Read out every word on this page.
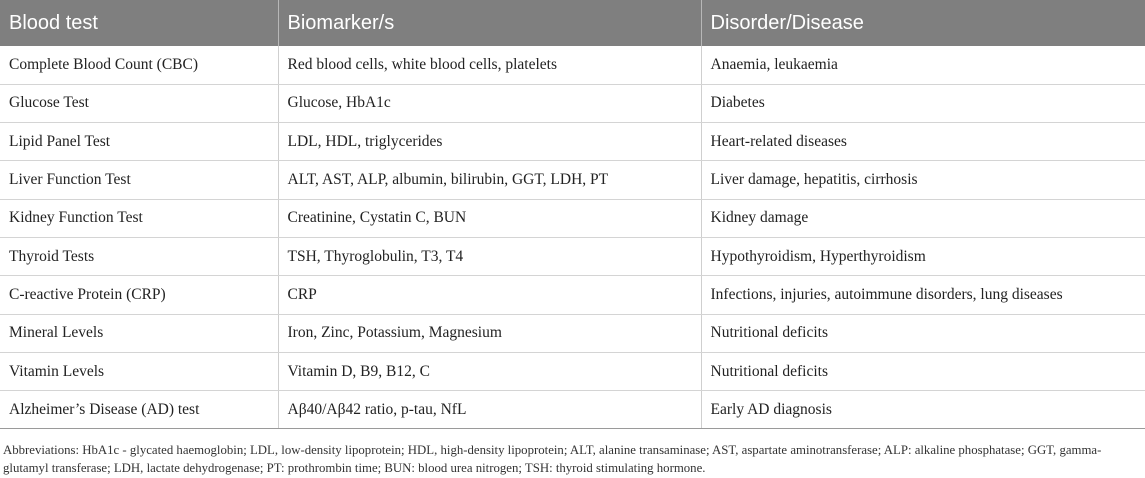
Blood test	Biomarker/s	Disorder/Disease
Complete Blood Count (CBC)	Red blood cells, white blood cells, platelets	Anaemia, leukaemia
Glucose Test	Glucose, HbA1c	Diabetes
Lipid Panel Test	LDL, HDL, triglycerides	Heart-related diseases
Liver Function Test	ALT, AST, ALP, albumin, bilirubin, GGT, LDH, PT	Liver damage, hepatitis, cirrhosis
Kidney Function Test	Creatinine, Cystatin C, BUN	Kidney damage
Thyroid Tests	TSH, Thyroglobulin, T3, T4	Hypothyroidism, Hyperthyroidism
C-reactive Protein (CRP)	CRP	Infections, injuries, autoimmune disorders, lung diseases
Mineral Levels	Iron, Zinc, Potassium, Magnesium	Nutritional deficits
Vitamin Levels	Vitamin D, B9, B12, C	Nutritional deficits
Alzheimer’s Disease (AD) test	Aβ40/Aβ42 ratio, p-tau, NfL	Early AD diagnosis
Abbreviations: HbA1c - glycated haemoglobin; LDL, low-density lipoprotein; HDL, high-density lipoprotein; ALT, alanine transaminase; AST, aspartate aminotransferase; ALP: alkaline phosphatase; GGT, gamma-glutamyl transferase; LDH, lactate dehydrogenase; PT: prothrombin time; BUN: blood urea nitrogen; TSH: thyroid stimulating hormone.
